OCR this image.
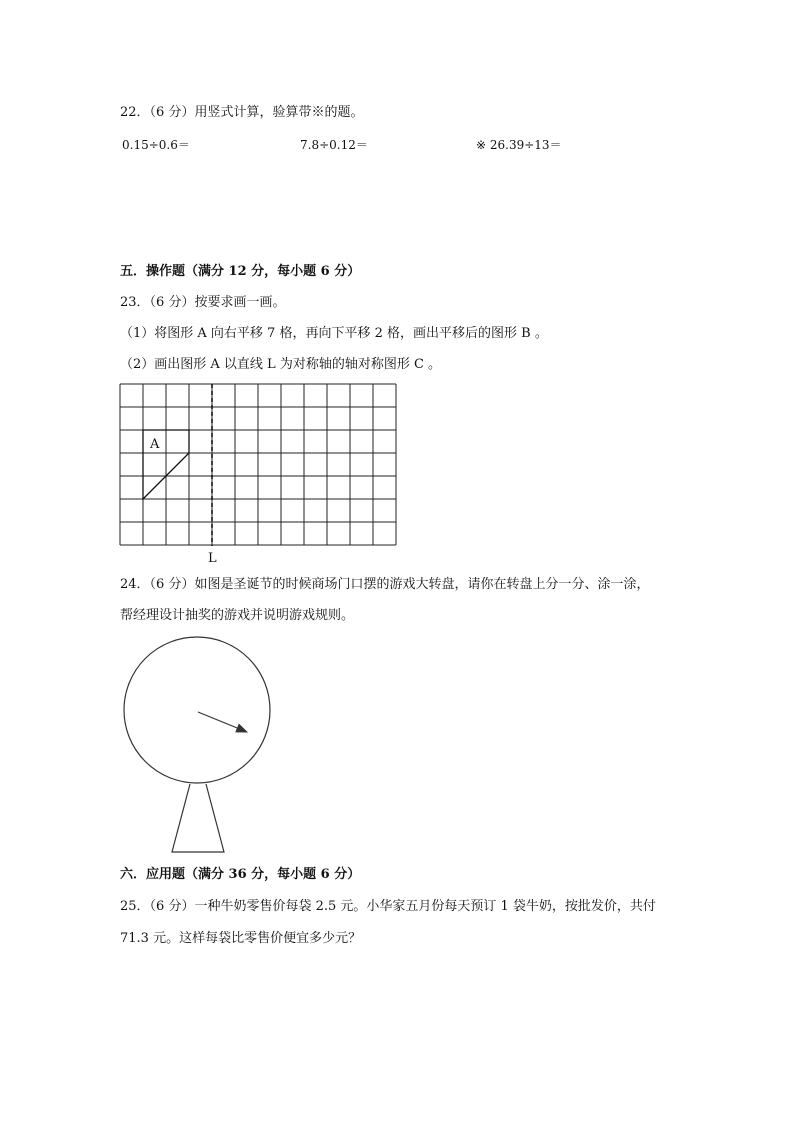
22．（6 分）用竖式计算，验算带※的题。
0.15÷0.6＝	7.8÷0.12＝	※ 26.39÷13＝
五．操作题（满分 12 分，每小题 6 分）
23．（6 分）按要求画一画。
（1）将图形 A 向右平移 7 格，再向下平移 2 格，画出平移后的图形 B 。
（2）画出图形 A 以直线 L 为对称轴的轴对称图形 C 。
A
L
24．（6 分）如图是圣诞节的时候商场门口摆的游戏大转盘，请你在转盘上分一分、涂一涂，
帮经理设计抽奖的游戏并说明游戏规则。
六．应用题（满分 36 分，每小题 6 分）
25．（6 分）一种牛奶零售价每袋 2.5 元。小华家五月份每天预订 1 袋牛奶，按批发价，共付
71.3 元。这样每袋比零售价便宜多少元？
